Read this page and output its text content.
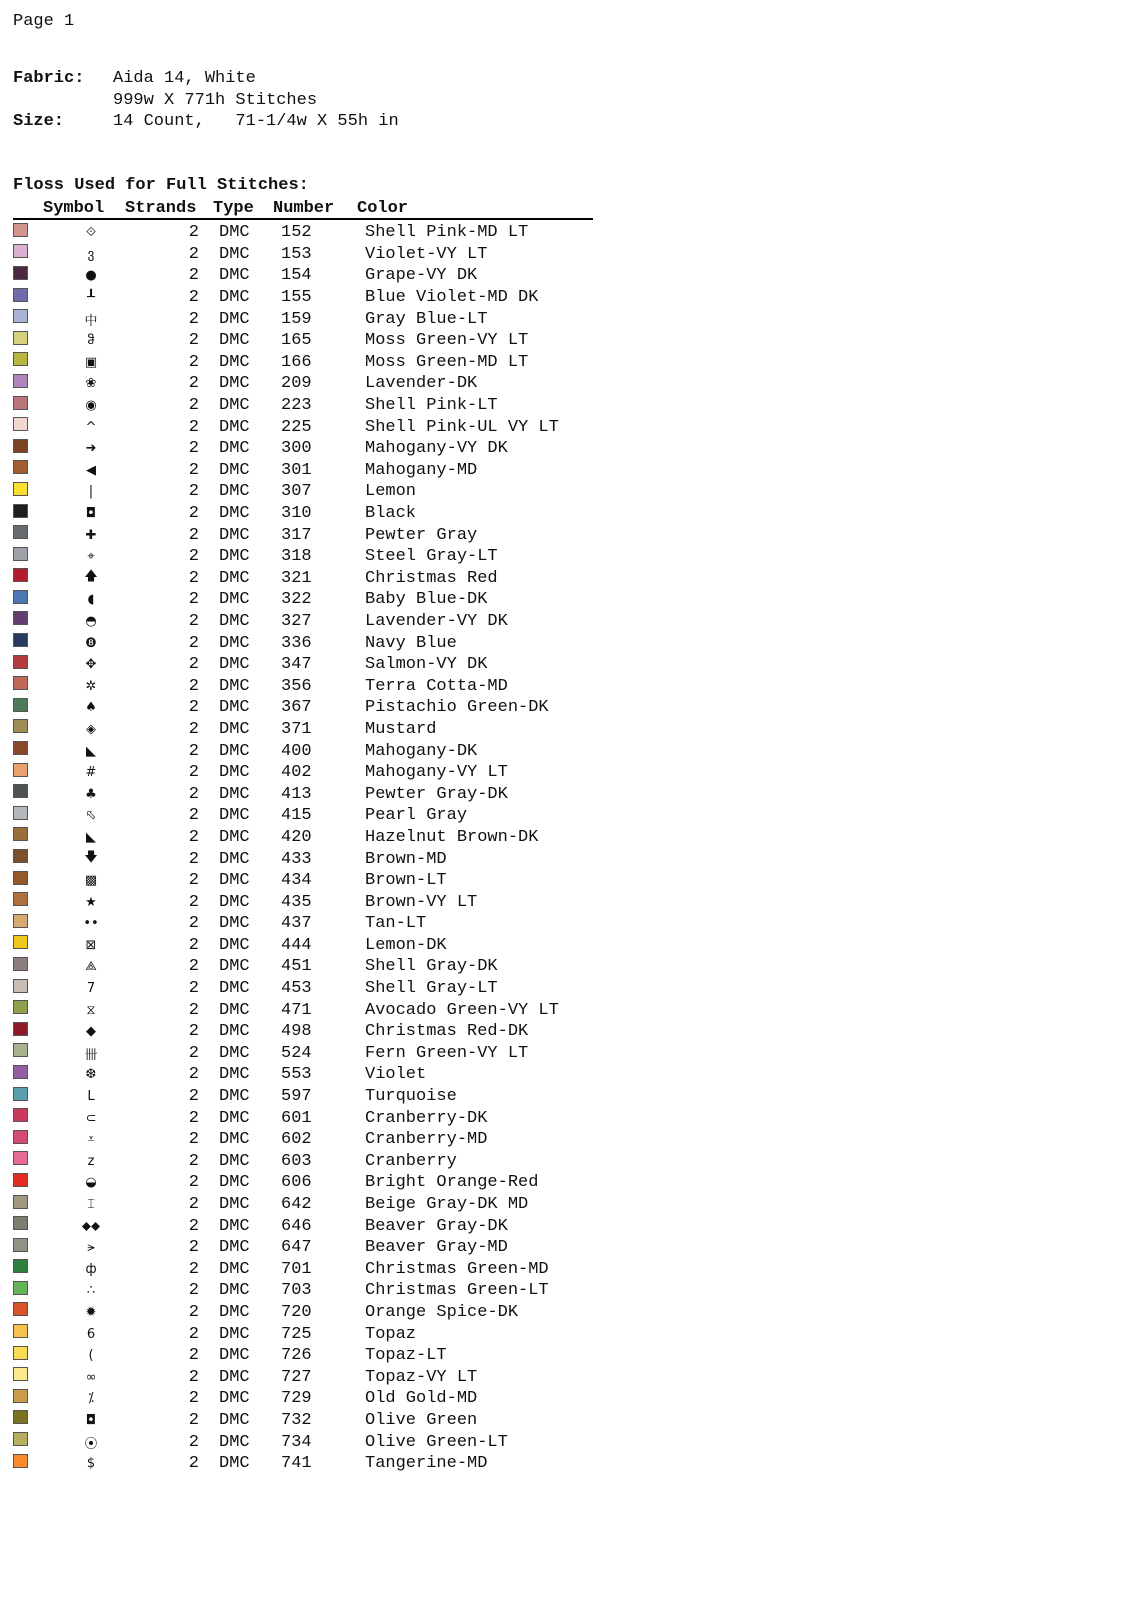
Page 1
Fabric:	Aida 14, White
999w X 771h Stitches
Size:	14 Count,   71-1/4w X 55h in
Floss Used for Full Stitches:
Symbol	Strands Type	Number	Color
⟐	2	DMC	152	Shell Pink-MD LT
ვ	2	DMC	153	Violet-VY LT
●	2	DMC	154	Grape-VY DK
┸	2	DMC	155	Blue Violet-MD DK
中	2	DMC	159	Gray Blue-LT
ჵ	2	DMC	165	Moss Green-VY LT
▣	2	DMC	166	Moss Green-MD LT
❀	2	DMC	209	Lavender-DK
◉	2	DMC	223	Shell Pink-LT
^	2	DMC	225	Shell Pink-UL VY LT
➜	2	DMC	300	Mahogany-VY DK
◀	2	DMC	301	Mahogany-MD
|	2	DMC	307	Lemon
◘	2	DMC	310	Black
✚	2	DMC	317	Pewter Gray
⌖	2	DMC	318	Steel Gray-LT
🡅	2	DMC	321	Christmas Red
◖	2	DMC	322	Baby Blue-DK
◓	2	DMC	327	Lavender-VY DK
❽	2	DMC	336	Navy Blue
✥	2	DMC	347	Salmon-VY DK
✲	2	DMC	356	Terra Cotta-MD
♠	2	DMC	367	Pistachio Green-DK
◈	2	DMC	371	Mustard
◣	2	DMC	400	Mahogany-DK
#	2	DMC	402	Mahogany-VY LT
♣	2	DMC	413	Pewter Gray-DK
⬁	2	DMC	415	Pearl Gray
◣	2	DMC	420	Hazelnut Brown-DK
🡇	2	DMC	433	Brown-MD
▩	2	DMC	434	Brown-LT
★	2	DMC	435	Brown-VY LT
••	2	DMC	437	Tan-LT
⊠	2	DMC	444	Lemon-DK
⟁	2	DMC	451	Shell Gray-DK
7	2	DMC	453	Shell Gray-LT
⧖	2	DMC	471	Avocado Green-VY LT
◆	2	DMC	498	Christmas Red-DK
卌	2	DMC	524	Fern Green-VY LT
❆	2	DMC	553	Violet
L	2	DMC	597	Turquoise
⊂	2	DMC	601	Cranberry-DK
⩡	2	DMC	602	Cranberry-MD
z	2	DMC	603	Cranberry
◒	2	DMC	606	Bright Orange-Red
⌶	2	DMC	642	Beige Gray-DK MD
⬥⬥	2	DMC	646	Beaver Gray-DK
⪫	2	DMC	647	Beaver Gray-MD
ф	2	DMC	701	Christmas Green-MD
∴	2	DMC	703	Christmas Green-LT
✹	2	DMC	720	Orange Spice-DK
6	2	DMC	725	Topaz
(	2	DMC	726	Topaz-LT
∞	2	DMC	727	Topaz-VY LT
⁒	2	DMC	729	Old Gold-MD
◘	2	DMC	732	Olive Green
⦿	2	DMC	734	Olive Green-LT
$	2	DMC	741	Tangerine-MD
